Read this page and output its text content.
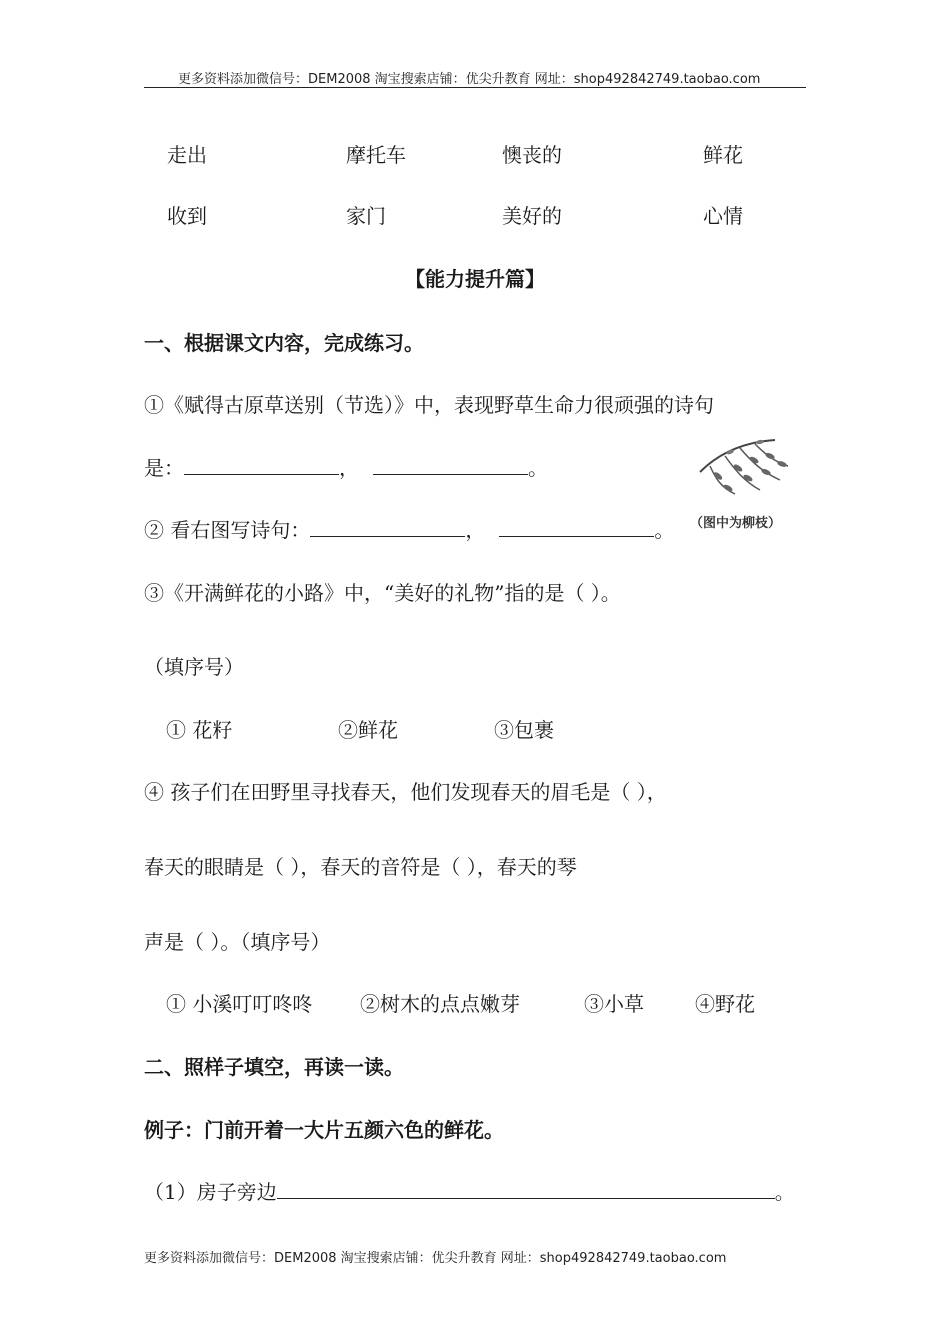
更多资料添加微信号：DEM2008 淘宝搜索店铺：优尖升教育 网址：shop492842749.taobao.com
走出	摩托车	懊丧的	鲜花
收到	家门	美好的	心情
【能力提升篇】
一、根据课文内容，完成练习。
①《赋得古原草送别（节选）》中，表现野草生命力很顽强的诗句
是：	，	。
（图中为柳枝）
② 看右图写诗句：	，	。
③《开满鲜花的小路》中，“美好的礼物”指的是（ ）。
（填序号）
① 花籽	②鲜花	③包裹
④ 孩子们在田野里寻找春天，他们发现春天的眉毛是（ ），
春天的眼睛是（ ），春天的音符是（ ），春天的琴
声是（ ）。（填序号）
① 小溪叮叮咚咚 ②树木的点点嫩芽	③小草	④野花
二、照样子填空，再读一读。
例子：门前开着一大片五颜六色的鲜花。
（1）房子旁边	。
更多资料添加微信号：DEM2008 淘宝搜索店铺：优尖升教育 网址：shop492842749.taobao.com
